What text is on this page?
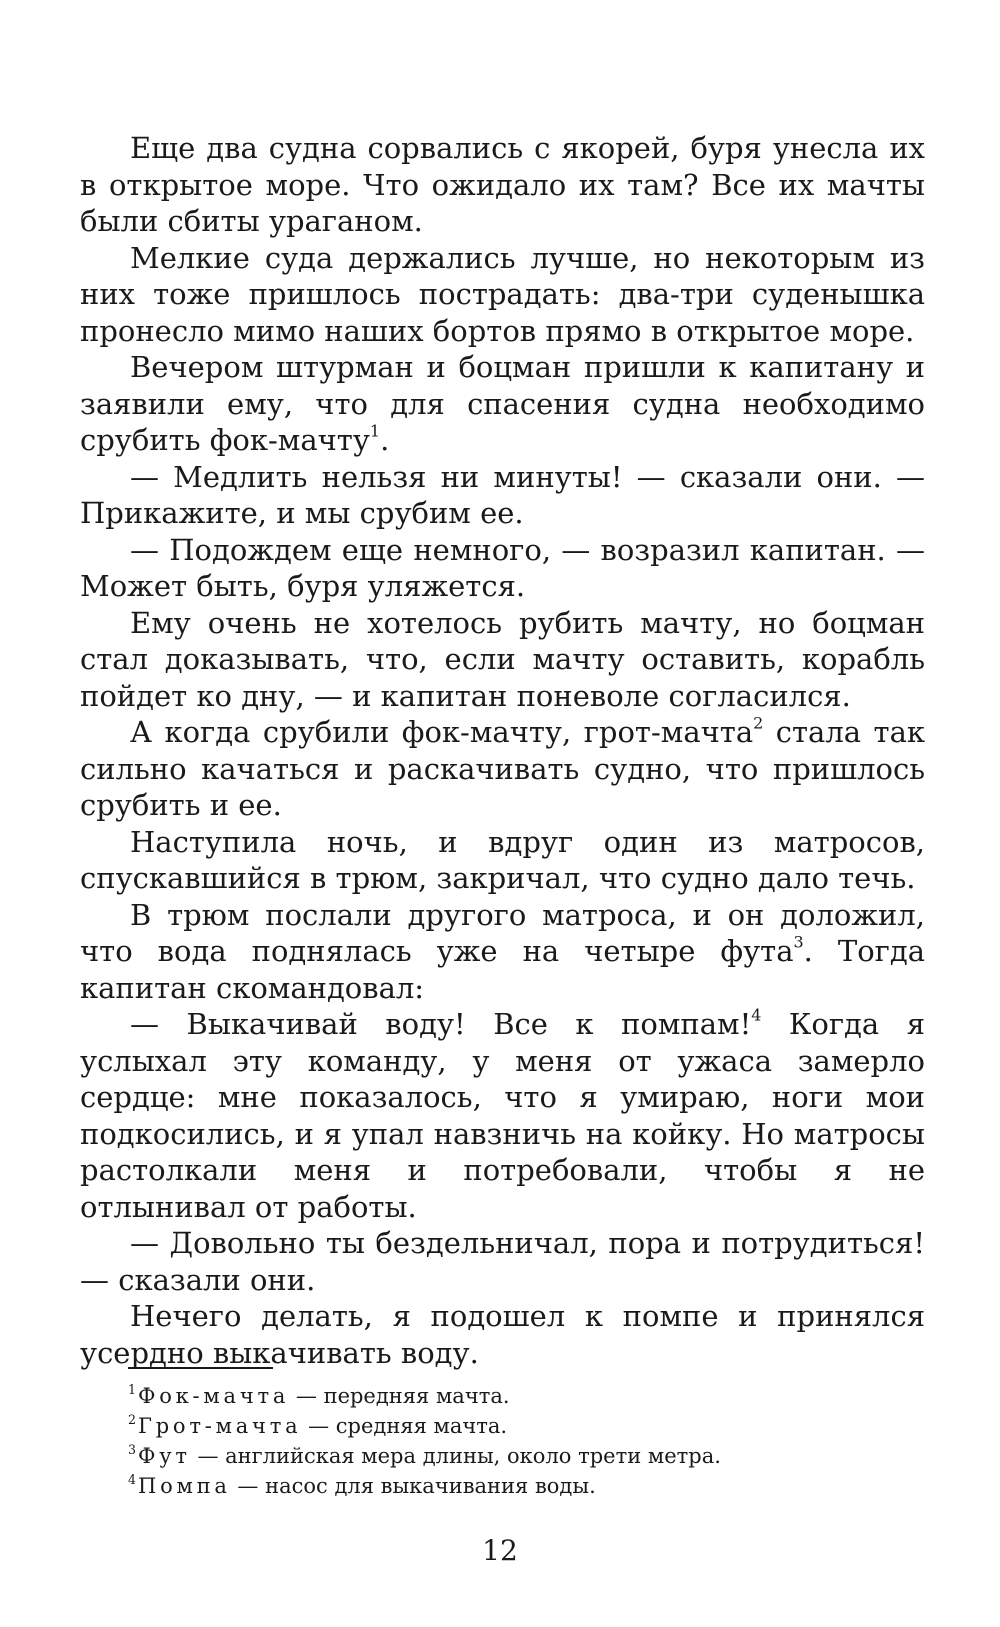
Еще два судна сорвались с якорей, буря унесла их в открытое море. Что ожидало их там? Все их мачты были сбиты ураганом.

Мелкие суда держались лучше, но некоторым из них тоже пришлось пострадать: два-три суденышка пронесло мимо наших бортов прямо в открытое море.

Вечером штурман и боцман пришли к капитану и заявили ему, что для спасения судна необходимо срубить фок-мачту$^1$.

— Медлить нельзя ни минуты! — сказали они. — Прикажите, и мы срубим ее.

— Подождем еще немного, — возразил капитан. — Может быть, буря уляжется.

Ему очень не хотелось рубить мачту, но боцман стал доказывать, что, если мачту оставить, корабль пойдет ко дну, — и капитан поневоле согласился.

А когда срубили фок-мачту, грот-мачта$^2$ стала так сильно качаться и раскачивать судно, что пришлось срубить и ее.

Наступила ночь, и вдруг один из матросов, спускавшийся в трюм, закричал, что судно дало течь.

В трюм послали другого матроса, и он доложил, что вода поднялась уже на четыре фута$^3$. Тогда капитан скомандовал:

— Выкачивай воду! Все к помпам!$^4$ Когда я услыхал эту команду, у меня от ужаса замерло сердце: мне показалось, что я умираю, ноги мои подкосились, и я упал навзничь на койку. Но матросы растолкали меня и потребовали, чтобы я не отлынивал от работы.

— Довольно ты бездельничал, пора и потрудиться! — сказали они.

Нечего делать, я подошел к помпе и принялся усердно выкачивать воду.

$^1$Фок-мачта — передняя мачта.
$^2$Грот-мачта — средняя мачта.
$^3$Фут — английская мера длины, около трети метра.
$^4$Помпа — насос для выкачивания воды.
12
